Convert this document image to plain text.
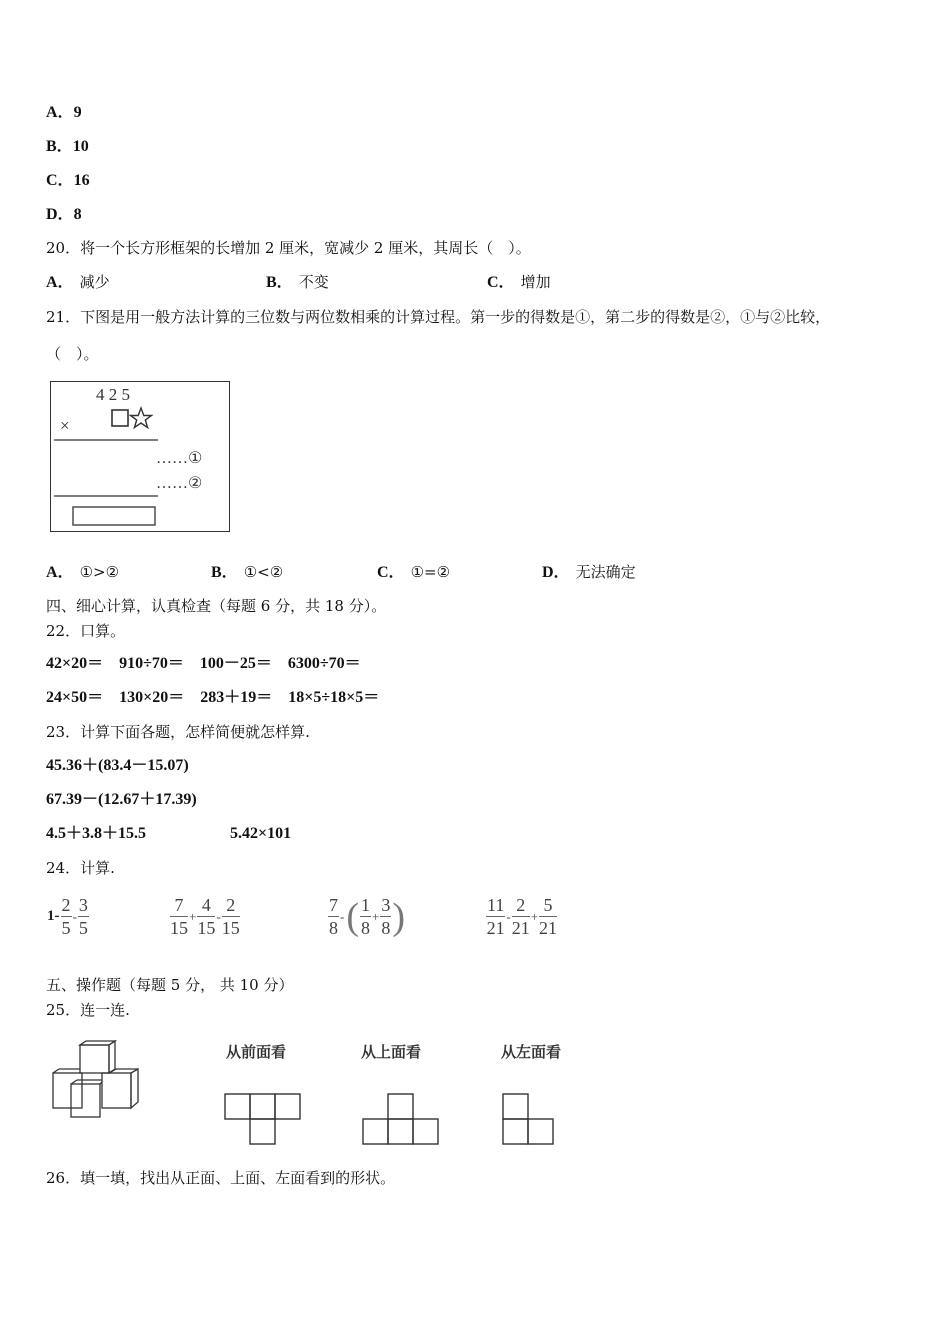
A．9
B．10
C．16
D．8
20．将一个长方形框架的长增加 2 厘米，宽减少 2 厘米，其周长（　）。
A． 减少	B． 不变	C． 增加
21．下图是用一般方法计算的三位数与两位数相乘的计算过程。第一步的得数是①，第二步的得数是②，①与②比较，
（　）。
4 2 5
×
……①
……②
A． ①>②	B． ①<②	C． ①=②	D． 无法确定
四、细心计算，认真检查（每题 6 分，共 18 分）。
22．口算。
42×20＝　910÷70＝　100－25＝　6300÷70＝
24×50＝　130×20＝　283＋19＝　18×5÷18×5＝
23．计算下面各题，怎样简便就怎样算.
45.36＋(83.4－15.07)
67.39－(12.67＋17.39)
4.5＋3.8＋15.5	5.42×101
24．计算.
$1- \frac{2}{5} - \frac{3}{5}$	$\frac{7}{15} + \frac{4}{15} - \frac{2}{15}$	$\frac{7}{8}$ -( $\frac{1}{8} + \frac{3}{8}$ )	$\frac{11}{21} - \frac{2}{21} + \frac{5}{21}$
五、操作题（每题 5 分， 共 10 分）
25．连一连.
从前面看	从上面看	从左面看
26．填一填，找出从正面、上面、左面看到的形状。
